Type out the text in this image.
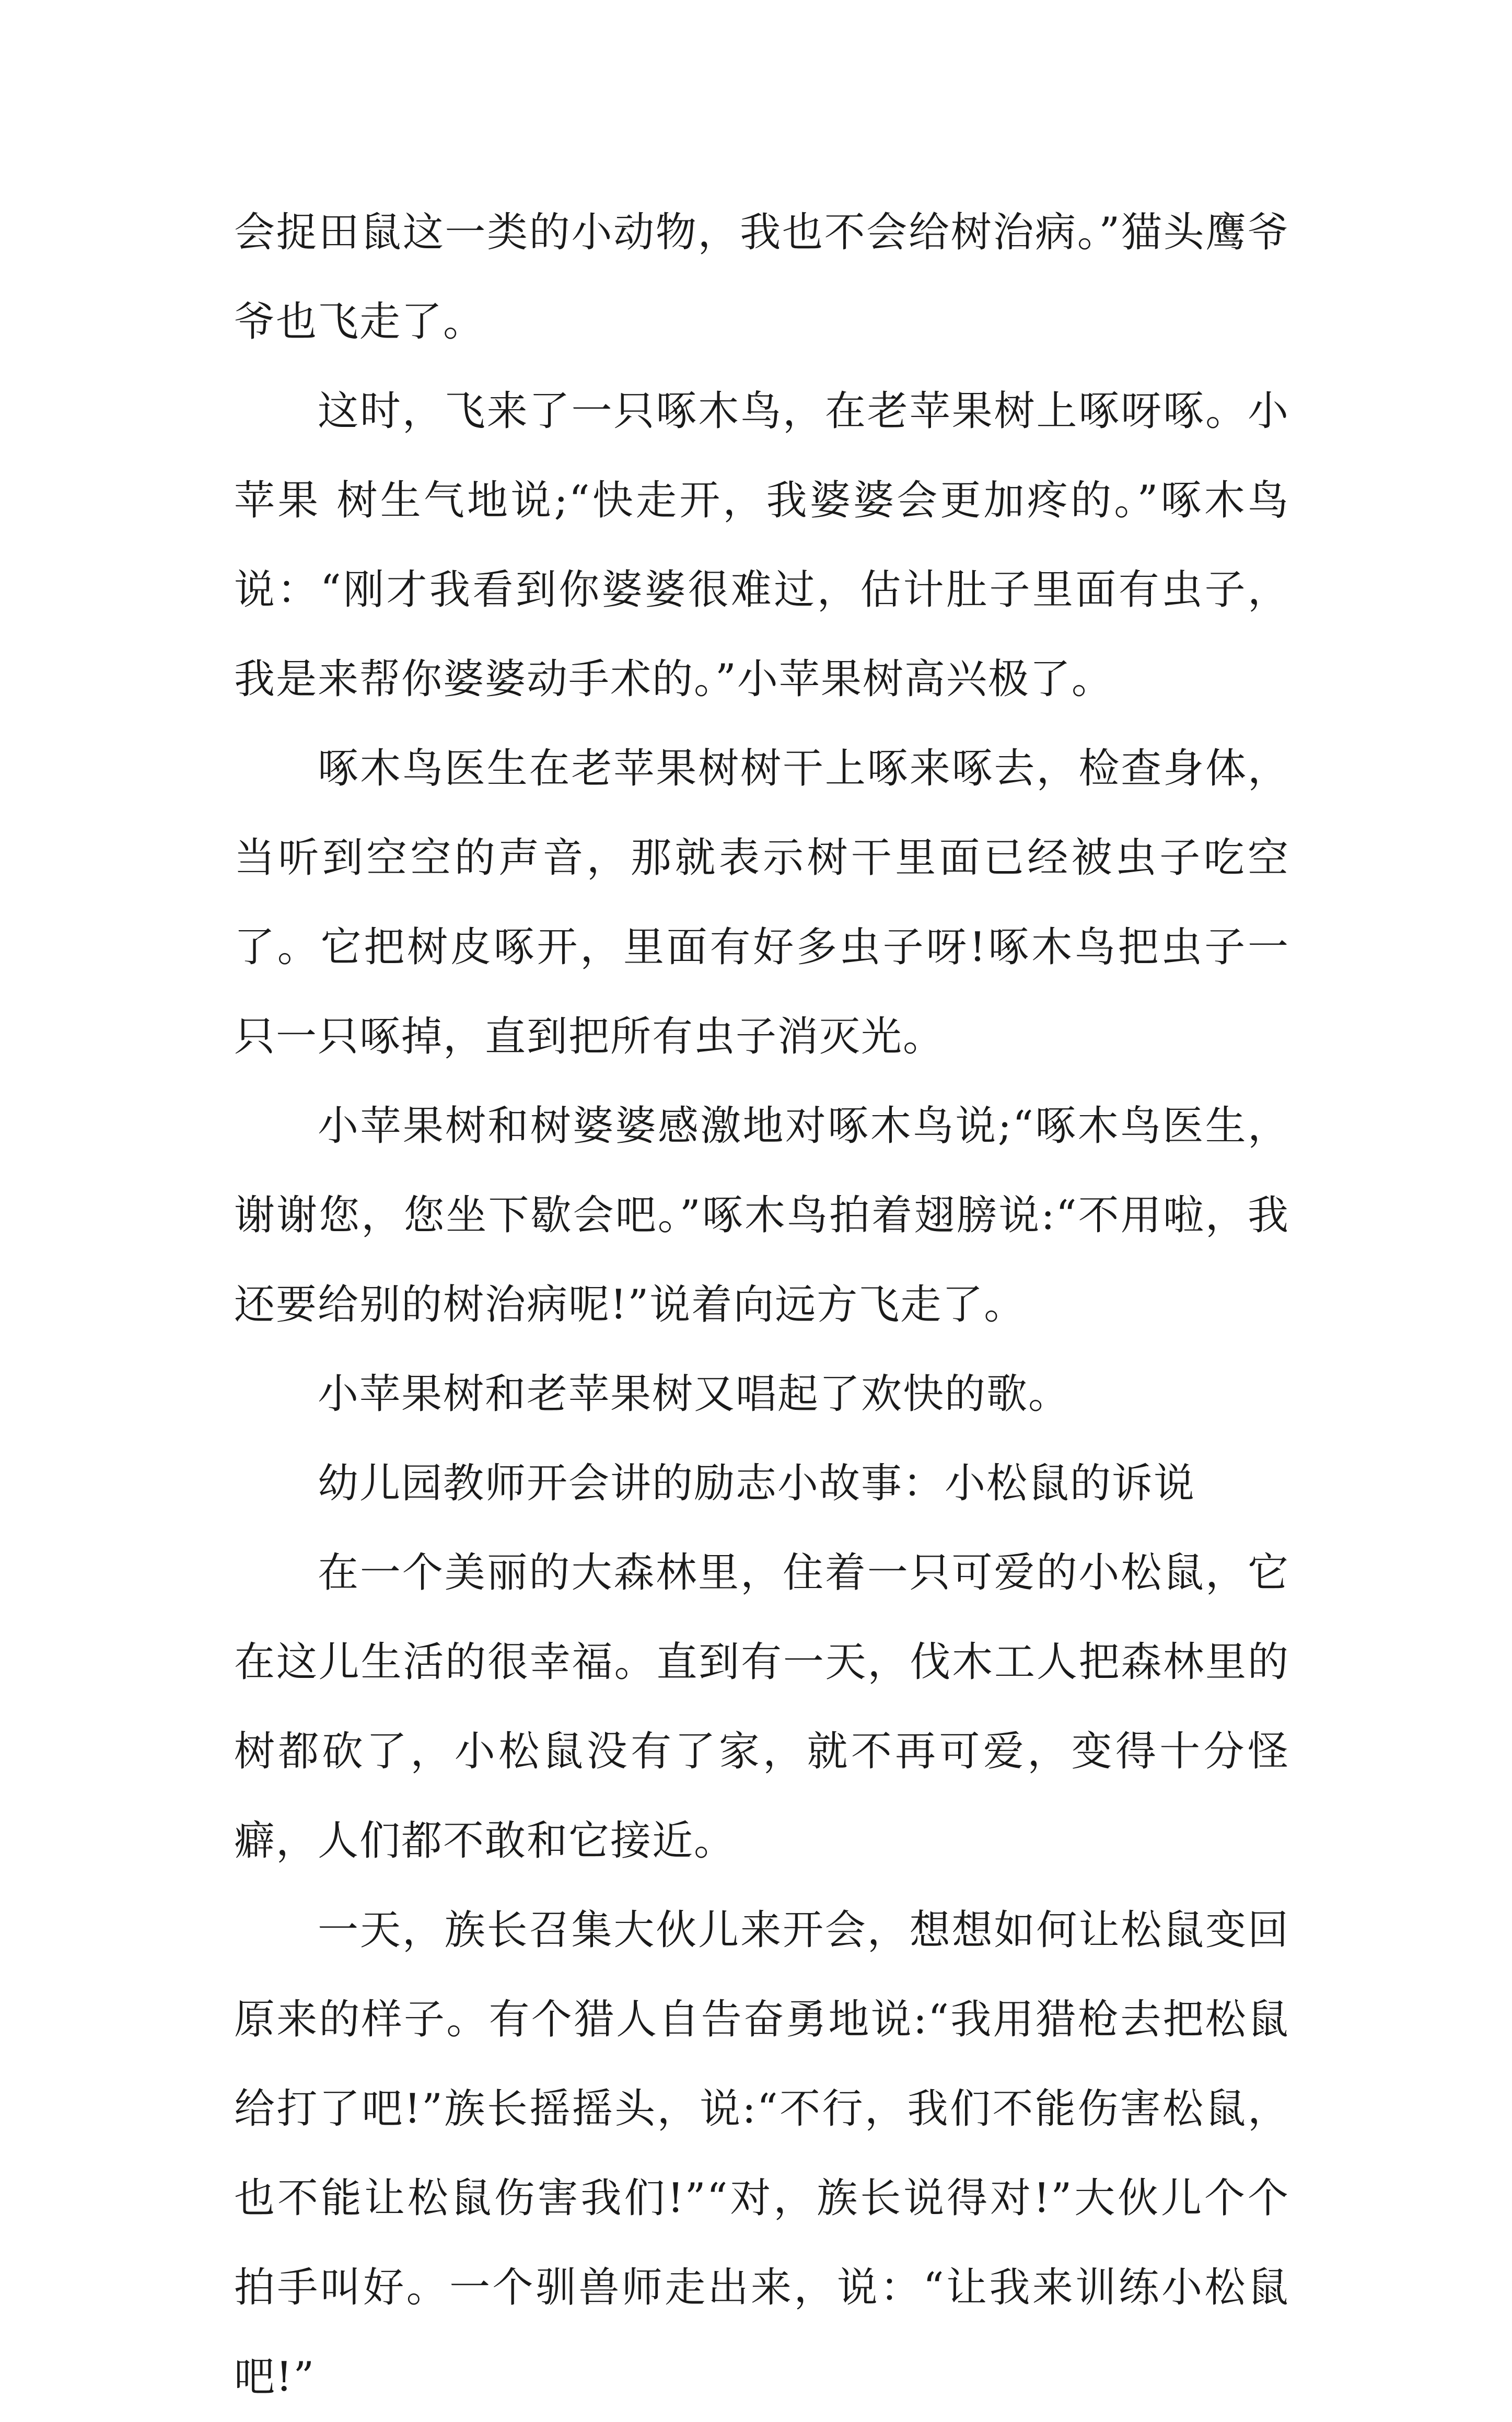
会捉田鼠这一类的小动物，我也不会给树治病。”猫头鹰爷爷也飞走了。

这时，飞来了一只啄木鸟，在老苹果树上啄呀啄。小苹果 树生气地说;“快走开，我婆婆会更加疼的。”啄木鸟说：“刚才我看到你婆婆很难过，估计肚子里面有虫子，我是来帮你婆婆动手术的。”小苹果树高兴极了。

啄木鸟医生在老苹果树树干上啄来啄去，检查身体，当听到空空的声音，那就表示树干里面已经被虫子吃空了。它把树皮啄开，里面有好多虫子呀!啄木鸟把虫子一只一只啄掉，直到把所有虫子消灭光。

小苹果树和树婆婆感激地对啄木鸟说;“啄木鸟医生，谢谢您，您坐下歇会吧。”啄木鸟拍着翅膀说:“不用啦，我还要给别的树治病呢!”说着向远方飞走了。

小苹果树和老苹果树又唱起了欢快的歌。

幼儿园教师开会讲的励志小故事：小松鼠的诉说

在一个美丽的大森林里，住着一只可爱的小松鼠，它在这儿生活的很幸福。直到有一天，伐木工人把森林里的树都砍了，小松鼠没有了家，就不再可爱，变得十分怪癖，人们都不敢和它接近。

一天，族长召集大伙儿来开会，想想如何让松鼠变回原来的样子。有个猎人自告奋勇地说:“我用猎枪去把松鼠给打了吧!”族长摇摇头，说:“不行，我们不能伤害松鼠，也不能让松鼠伤害我们!”“对，族长说得对!”大伙儿个个拍手叫好。一个驯兽师走出来，说：“让我来训练小松鼠吧!”
